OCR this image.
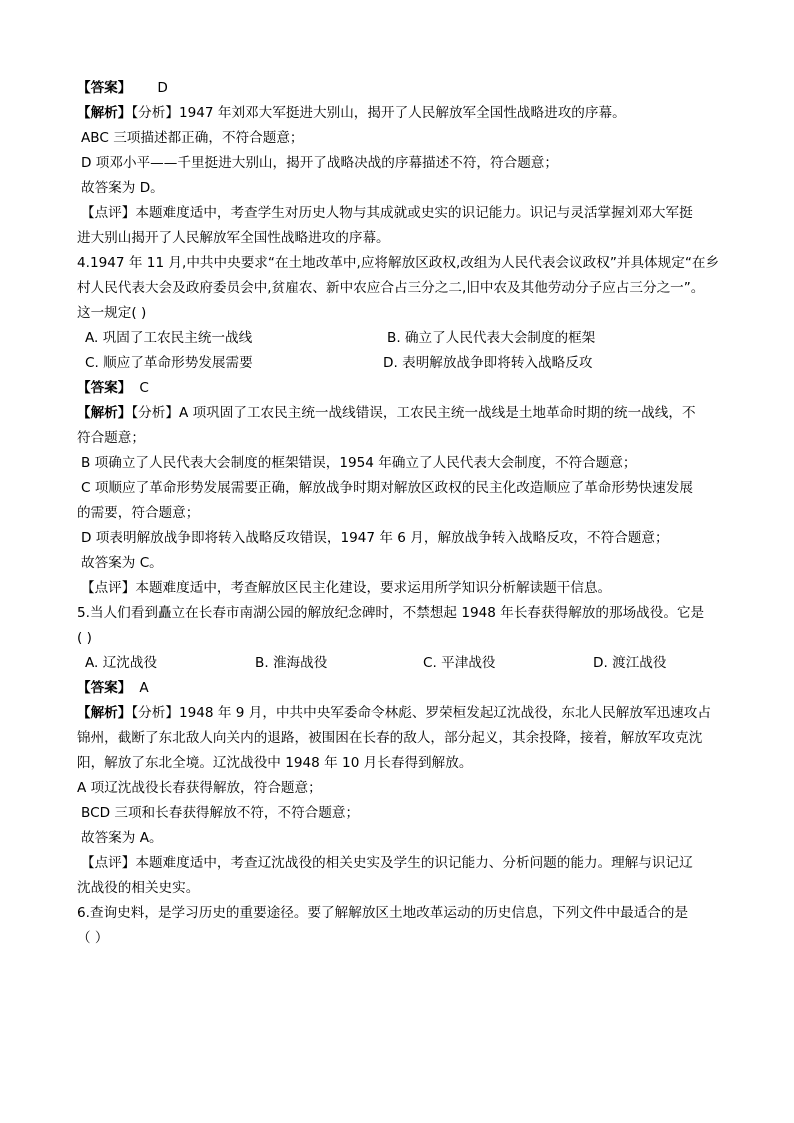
【答案】 D
【解析】【分析】1947 年刘邓大军挺进大别山，揭开了人民解放军全国性战略进攻的序幕。
ABC 三项描述都正确，不符合题意；
D 项邓小平——千里挺进大别山，揭开了战略决战的序幕描述不符，符合题意；
故答案为 D。
【点评】本题难度适中，考查学生对历史人物与其成就或史实的识记能力。识记与灵活掌握刘邓大军挺
进大别山揭开了人民解放军全国性战略进攻的序幕。
4.1947 年 11 月,中共中央要求“在土地改革中,应将解放区政权,改组为人民代表会议政权”并具体规定“在乡
村人民代表大会及政府委员会中,贫雇农、新中农应合占三分之二,旧中农及其他劳动分子应占三分之一”。
这一规定( )
A. 巩固了工农民主统一战线	B. 确立了人民代表大会制度的框架
C. 顺应了革命形势发展需要	D. 表明解放战争即将转入战略反攻
【答案】 C
【解析】【分析】A 项巩固了工农民主统一战线错误，工农民主统一战线是土地革命时期的统一战线，不
符合题意；
B 项确立了人民代表大会制度的框架错误，1954 年确立了人民代表大会制度，不符合题意；
C 项顺应了革命形势发展需要正确，解放战争时期对解放区政权的民主化改造顺应了革命形势快速发展
的需要，符合题意；
D 项表明解放战争即将转入战略反攻错误，1947 年 6 月，解放战争转入战略反攻，不符合题意；
故答案为 C。
【点评】本题难度适中，考查解放区民主化建设，要求运用所学知识分析解读题干信息。
5.当人们看到矗立在长春市南湖公园的解放纪念碑时，不禁想起 1948 年长春获得解放的那场战役。它是
( )
A. 辽沈战役	B. 淮海战役	C. 平津战役	D. 渡江战役
【答案】 A
【解析】【分析】1948 年 9 月，中共中央军委命令林彪、罗荣桓发起辽沈战役，东北人民解放军迅速攻占
锦州，截断了东北敌人向关内的退路，被围困在长春的敌人，部分起义，其余投降，接着，解放军攻克沈
阳，解放了东北全境。辽沈战役中 1948 年 10 月长春得到解放。
A 项辽沈战役长春获得解放，符合题意；
BCD 三项和长春获得解放不符，不符合题意；
故答案为 A。
【点评】本题难度适中，考查辽沈战役的相关史实及学生的识记能力、分析问题的能力。理解与识记辽
沈战役的相关史实。
6.查询史料，是学习历史的重要途径。要了解解放区土地改革运动的历史信息，下列文件中最适合的是
（ ）
